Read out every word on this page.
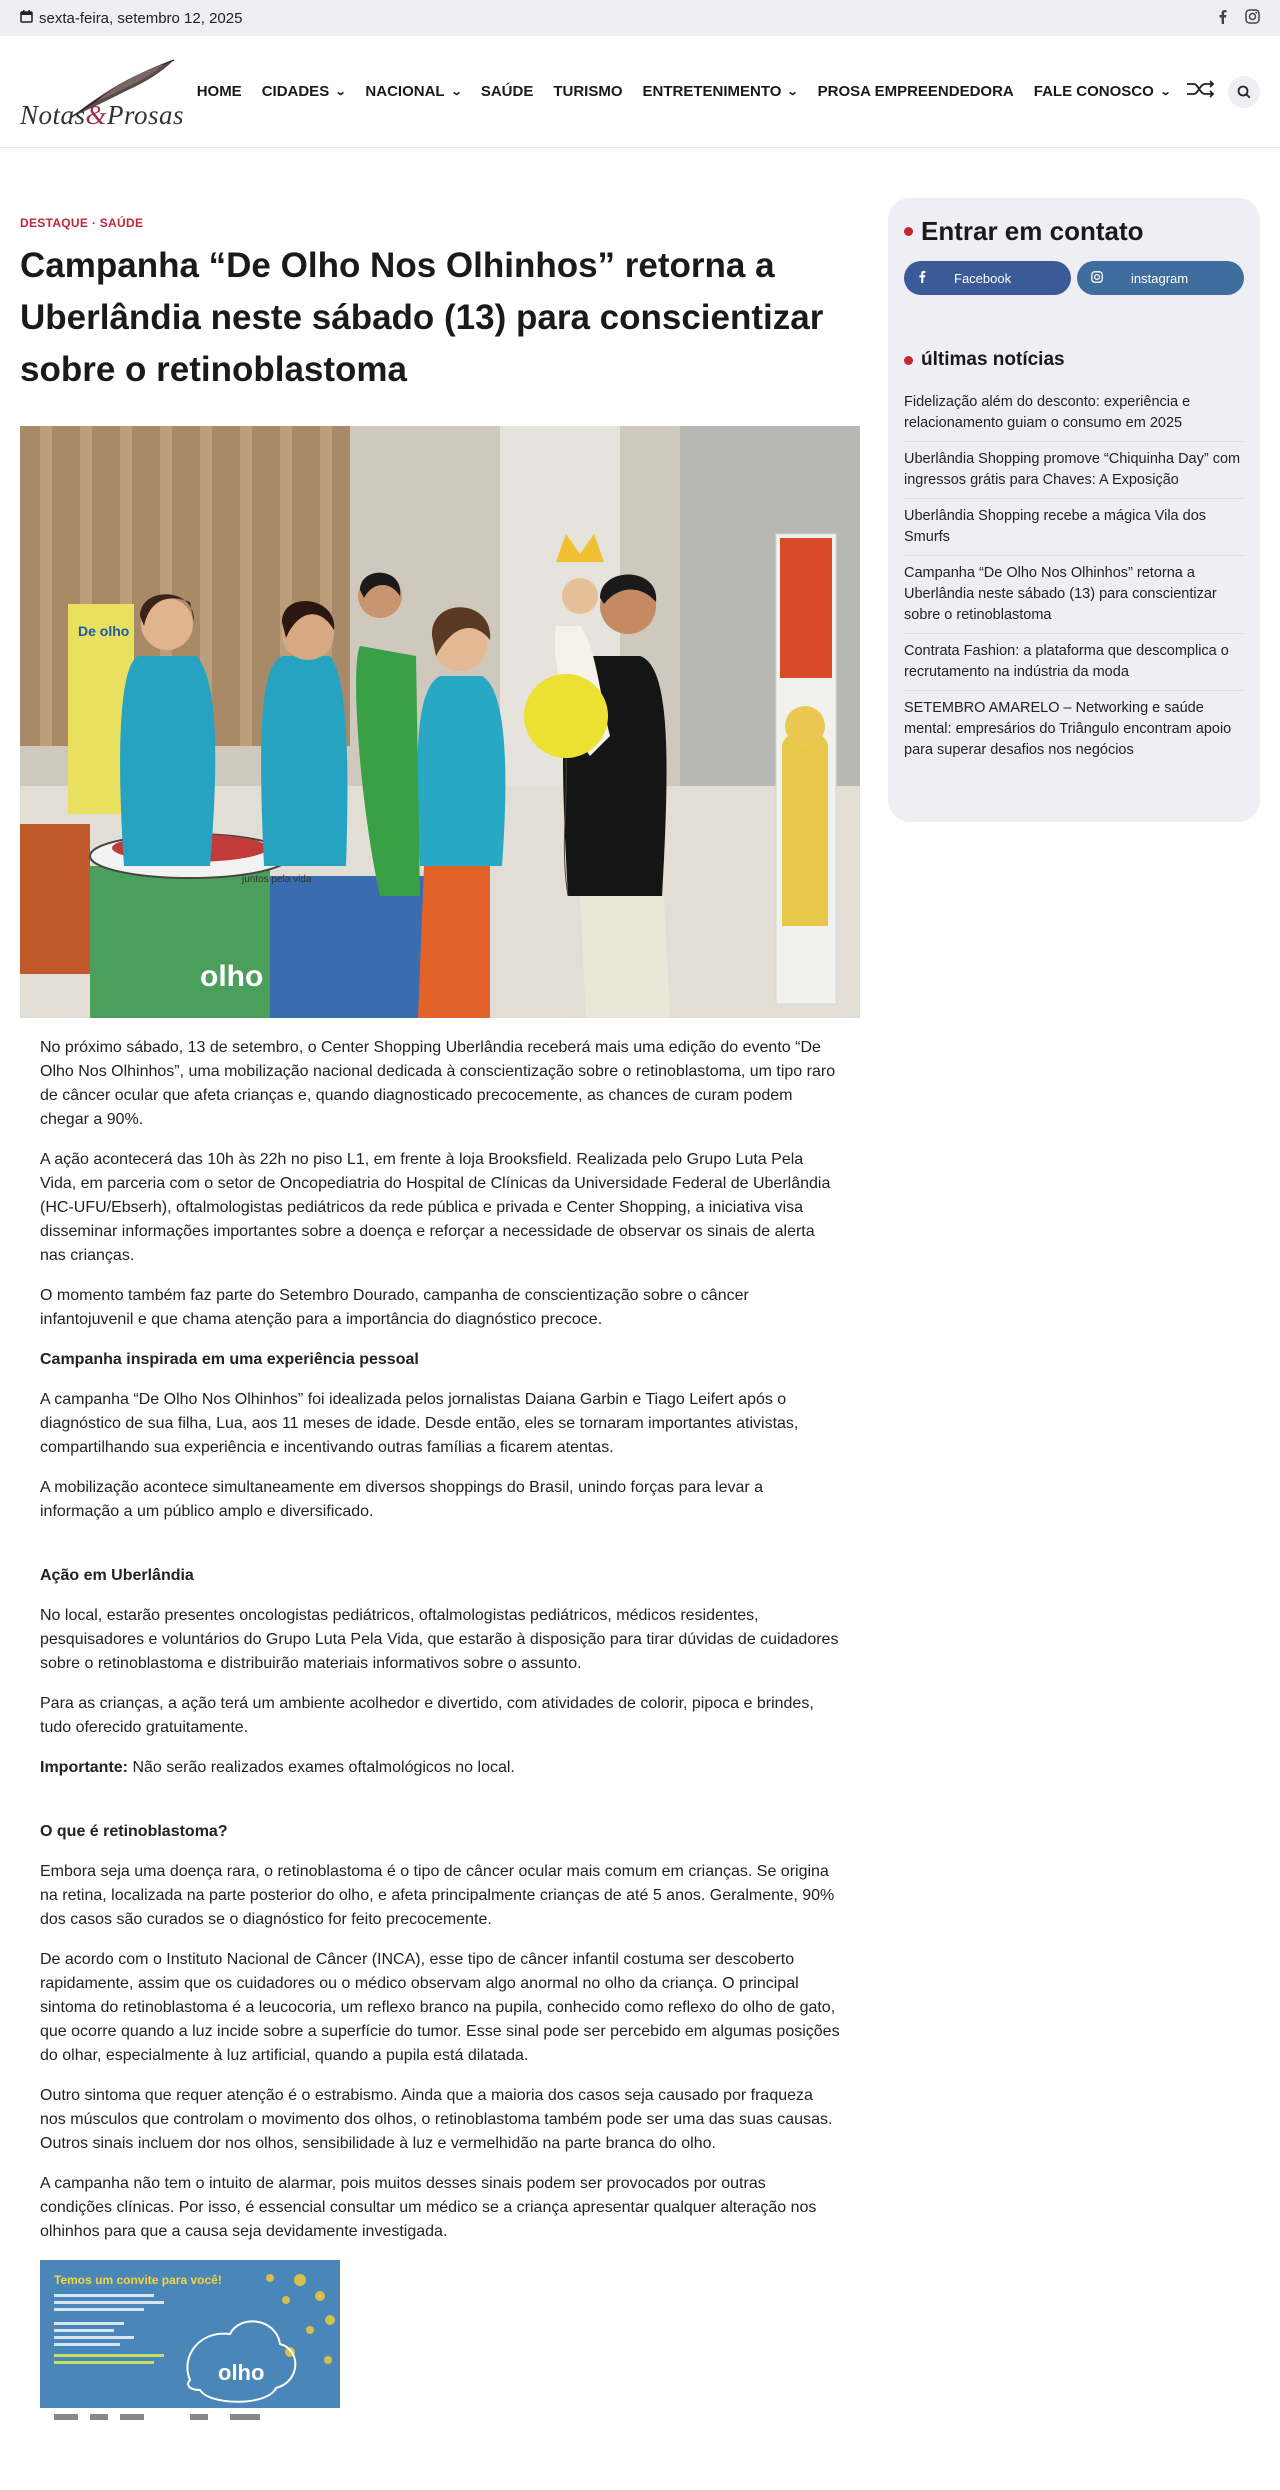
sexta-feira, setembro 12, 2025
Notas&Prosas
HOME CIDADES ⌄ NACIONAL ⌄ SAÚDE TURISMO ENTRETENIMENTO ⌄ PROSA EMPREENDEDORA FALE CONOSCO ⌄
DESTAQUE · SAÚDE
Campanha “De Olho Nos Olhinhos” retorna a Uberlândia neste sábado (13) para conscientizar sobre o retinoblastoma
De olho
juntos pela vida
olho

No próximo sábado, 13 de setembro, o Center Shopping Uberlândia receberá mais uma edição do evento “De Olho Nos Olhinhos”, uma mobilização nacional dedicada à conscientização sobre o retinoblastoma, um tipo raro de câncer ocular que afeta crianças e, quando diagnosticado precocemente, as chances de curam podem chegar a 90%.

A ação acontecerá das 10h às 22h no piso L1, em frente à loja Brooksfield. Realizada pelo Grupo Luta Pela Vida, em parceria com o setor de Oncopediatria do Hospital de Clínicas da Universidade Federal de Uberlândia (HC-UFU/Ebserh), oftalmologistas pediátricos da rede pública e privada e Center Shopping, a iniciativa visa disseminar informações importantes sobre a doença e reforçar a necessidade de observar os sinais de alerta nas crianças.

O momento também faz parte do Setembro Dourado, campanha de conscientização sobre o câncer infantojuvenil e que chama atenção para a importância do diagnóstico precoce.

Campanha inspirada em uma experiência pessoal

A campanha “De Olho Nos Olhinhos” foi idealizada pelos jornalistas Daiana Garbin e Tiago Leifert após o diagnóstico de sua filha, Lua, aos 11 meses de idade. Desde então, eles se tornaram importantes ativistas, compartilhando sua experiência e incentivando outras famílias a ficarem atentas.

A mobilização acontece simultaneamente em diversos shoppings do Brasil, unindo forças para levar a informação a um público amplo e diversificado.

Ação em Uberlândia

No local, estarão presentes oncologistas pediátricos, oftalmologistas pediátricos, médicos residentes, pesquisadores e voluntários do Grupo Luta Pela Vida, que estarão à disposição para tirar dúvidas de cuidadores sobre o retinoblastoma e distribuirão materiais informativos sobre o assunto.

Para as crianças, a ação terá um ambiente acolhedor e divertido, com atividades de colorir, pipoca e brindes, tudo oferecido gratuitamente.

Importante: Não serão realizados exames oftalmológicos no local.

O que é retinoblastoma?

Embora seja uma doença rara, o retinoblastoma é o tipo de câncer ocular mais comum em crianças. Se origina na retina, localizada na parte posterior do olho, e afeta principalmente crianças de até 5 anos. Geralmente, 90% dos casos são curados se o diagnóstico for feito precocemente.

De acordo com o Instituto Nacional de Câncer (INCA), esse tipo de câncer infantil costuma ser descoberto rapidamente, assim que os cuidadores ou o médico observam algo anormal no olho da criança. O principal sintoma do retinoblastoma é a leucocoria, um reflexo branco na pupila, conhecido como reflexo do olho de gato, que ocorre quando a luz incide sobre a superfície do tumor. Esse sinal pode ser percebido em algumas posições do olhar, especialmente à luz artificial, quando a pupila está dilatada.

Outro sintoma que requer atenção é o estrabismo. Ainda que a maioria dos casos seja causado por fraqueza nos músculos que controlam o movimento dos olhos, o retinoblastoma também pode ser uma das suas causas. Outros sinais incluem dor nos olhos, sensibilidade à luz e vermelhidão na parte branca do olho.

A campanha não tem o intuito de alarmar, pois muitos desses sinais podem ser provocados por outras condições clínicas. Por isso, é essencial consultar um médico se a criança apresentar qualquer alteração nos olhinhos para que a causa seja devidamente investigada.

Temos um convite para você!
olho
Entrar em contato
Facebook	instagram
últimas notícias
Fidelização além do desconto: experiência e relacionamento guiam o consumo em 2025
Uberlândia Shopping promove “Chiquinha Day” com ingressos grátis para Chaves: A Exposição
Uberlândia Shopping recebe a mágica Vila dos Smurfs
Campanha “De Olho Nos Olhinhos” retorna a Uberlândia neste sábado (13) para conscientizar sobre o retinoblastoma
Contrata Fashion: a plataforma que descomplica o recrutamento na indústria da moda
SETEMBRO AMARELO – Networking e saúde mental: empresários do Triângulo encontram apoio para superar desafios nos negócios
